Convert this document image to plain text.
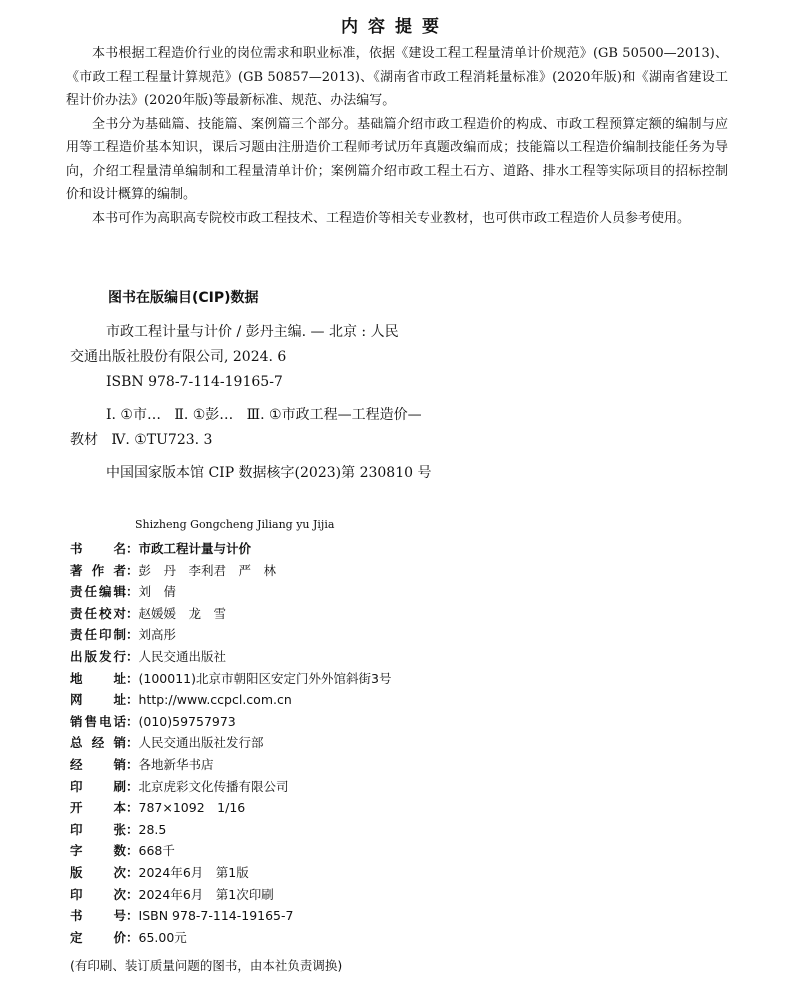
内容提要

本书根据工程造价行业的岗位需求和职业标准，依据《建设工程工程量清单计价规范》(GB 50500—2013)、《市政工程工程量计算规范》(GB 50857—2013)、《湖南省市政工程消耗量标准》(2020年版)和《湖南省建设工程计价办法》(2020年版)等最新标准、规范、办法编写。

全书分为基础篇、技能篇、案例篇三个部分。基础篇介绍市政工程造价的构成、市政工程预算定额的编制与应用等工程造价基本知识，课后习题由注册造价工程师考试历年真题改编而成；技能篇以工程造价编制技能任务为导向，介绍工程量清单编制和工程量清单计价；案例篇介绍市政工程土石方、道路、排水工程等实际项目的招标控制价和设计概算的编制。

本书可作为高职高专院校市政工程技术、工程造价等相关专业教材，也可供市政工程造价人员参考使用。

图书在版编目(CIP)数据
市政工程计量与计价 / 彭丹主编. — 北京 : 人民
交通出版社股份有限公司, 2024. 6
ISBN 978-7-114-19165-7
Ⅰ. ①市…   Ⅱ. ①彭…   Ⅲ. ①市政工程—工程造价—
教材   Ⅳ. ①TU723. 3
中国国家版本馆 CIP 数据核字(2023)第 230810 号
Shizheng Gongcheng Jiliang yu Jijia
书名：市政工程计量与计价
著作者：彭　丹　李利君　严　林
责任编辑：刘　倩
责任校对：赵媛媛　龙　雪
责任印制：刘高彤
出版发行：人民交通出版社
地址：(100011)北京市朝阳区安定门外外馆斜街3号
网址：http://www.ccpcl.com.cn
销售电话：(010)59757973
总经销：人民交通出版社发行部
经销：各地新华书店
印刷：北京虎彩文化传播有限公司
开本：787×1092　1/16
印张：28.5
字数：668千
版次：2024年6月　第1版
印次：2024年6月　第1次印刷
书号：ISBN 978-7-114-19165-7
定价：65.00元
(有印刷、装订质量问题的图书，由本社负责调换)
